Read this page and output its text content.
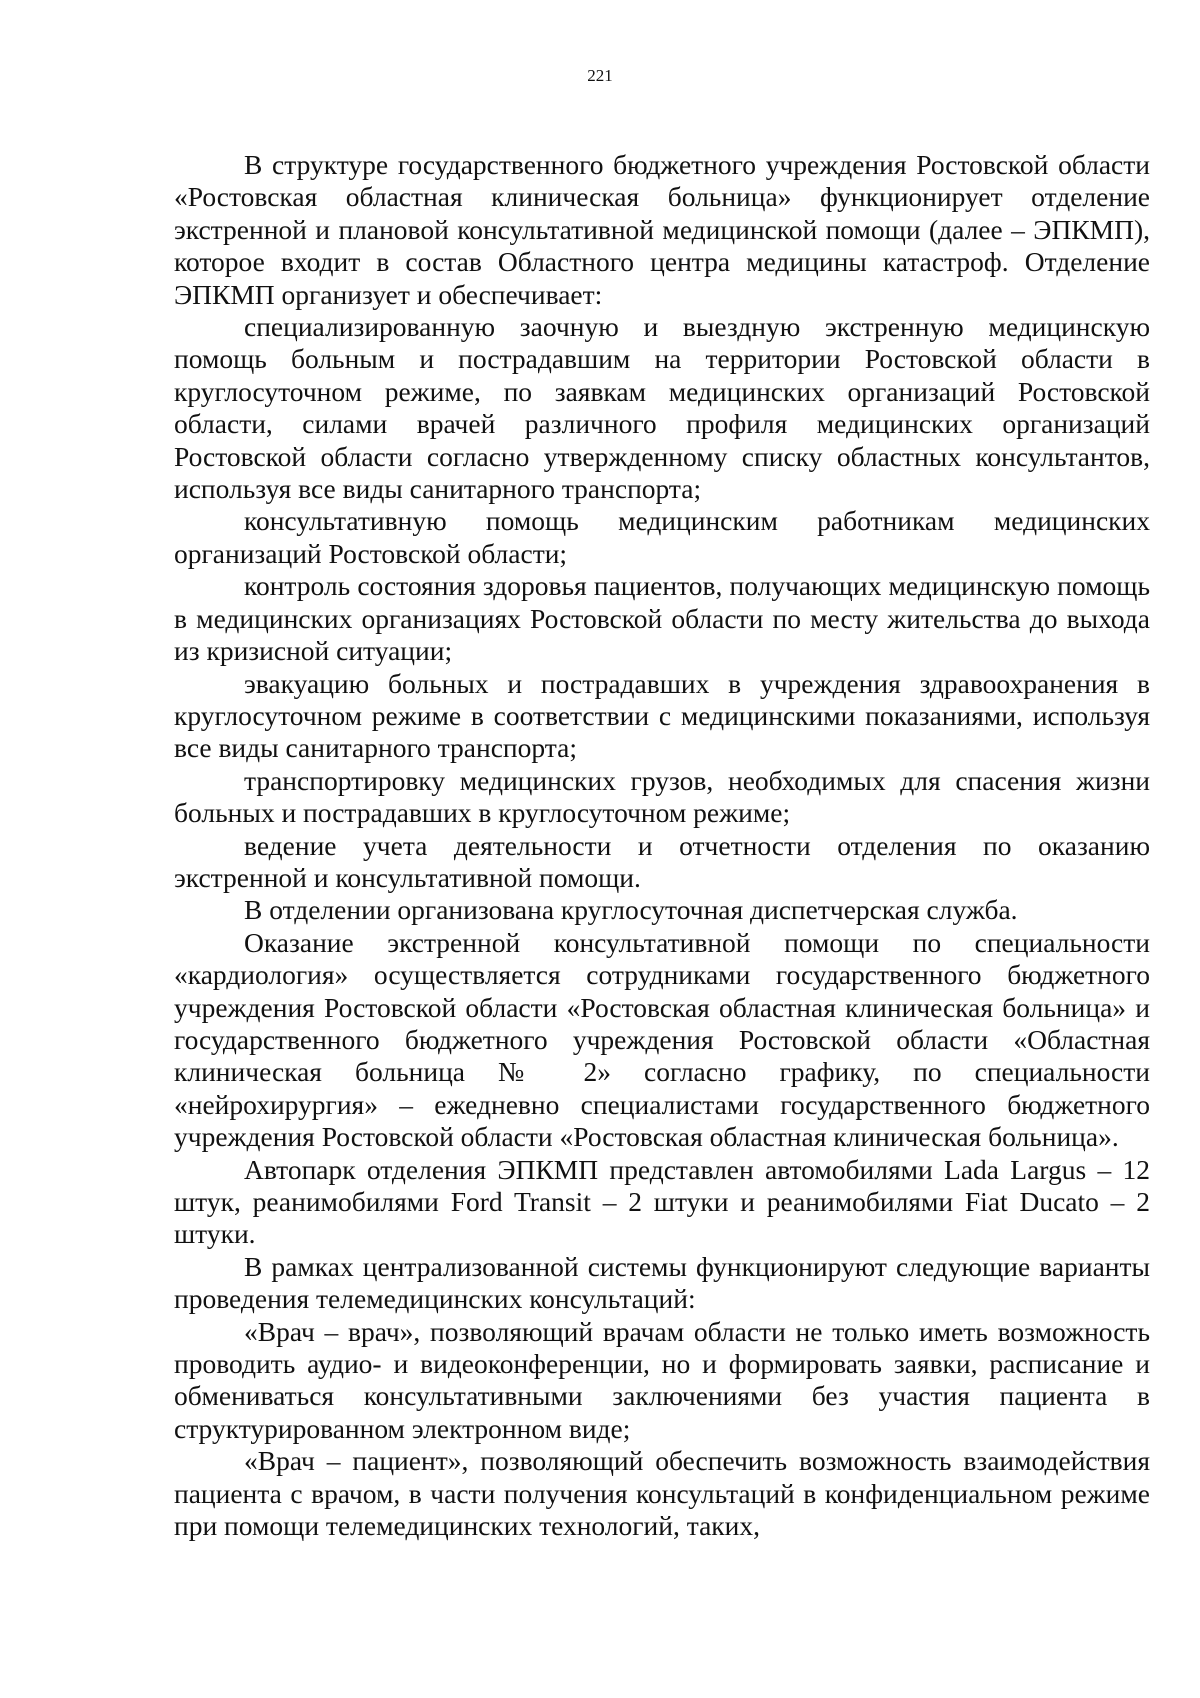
221

В структуре государственного бюджетного учреждения Ростовской области «Ростовская областная клиническая больница» функционирует отделение экстренной и плановой консультативной медицинской помощи (далее – ЭПКМП), которое входит в состав Областного центра медицины катастроф. Отделение ЭПКМП организует и обеспечивает:

специализированную заочную и выездную экстренную медицинскую помощь больным и пострадавшим на территории Ростовской области в круглосуточном режиме, по заявкам медицинских организаций Ростовской области, силами врачей различного профиля медицинских организаций Ростовской области согласно утвержденному списку областных консультантов, используя все виды санитарного транспорта;

консультативную помощь медицинским работникам медицинских организаций Ростовской области;

контроль состояния здоровья пациентов, получающих медицинскую помощь в медицинских организациях Ростовской области по месту жительства до выхода из кризисной ситуации;

эвакуацию больных и пострадавших в учреждения здравоохранения в круглосуточном режиме в соответствии с медицинскими показаниями, используя все виды санитарного транспорта;

транспортировку медицинских грузов, необходимых для спасения жизни больных и пострадавших в круглосуточном режиме;

ведение учета деятельности и отчетности отделения по оказанию экстренной и консультативной помощи.

В отделении организована круглосуточная диспетчерская служба.

Оказание экстренной консультативной помощи по специальности «кардиология» осуществляется сотрудниками государственного бюджетного учреждения Ростовской области «Ростовская областная клиническая больница» и государственного бюджетного учреждения Ростовской области «Областная клиническая больница № 2» согласно графику, по специальности «нейрохирургия» – ежедневно специалистами государственного бюджетного учреждения Ростовской области «Ростовская областная клиническая больница».

Автопарк отделения ЭПКМП представлен автомобилями Lada Largus – 12 штук, реанимобилями Ford Transit – 2 штуки и реанимобилями Fiat Ducato – 2 штуки.

В рамках централизованной системы функционируют следующие варианты проведения телемедицинских консультаций:

«Врач – врач», позволяющий врачам области не только иметь возможность проводить аудио- и видеоконференции, но и формировать заявки, расписание и обмениваться консультативными заключениями без участия пациента в структурированном электронном виде;

«Врач – пациент», позволяющий обеспечить возможность взаимодействия пациента с врачом, в части получения консультаций в конфиденциальном режиме при помощи телемедицинских технологий, таких,
